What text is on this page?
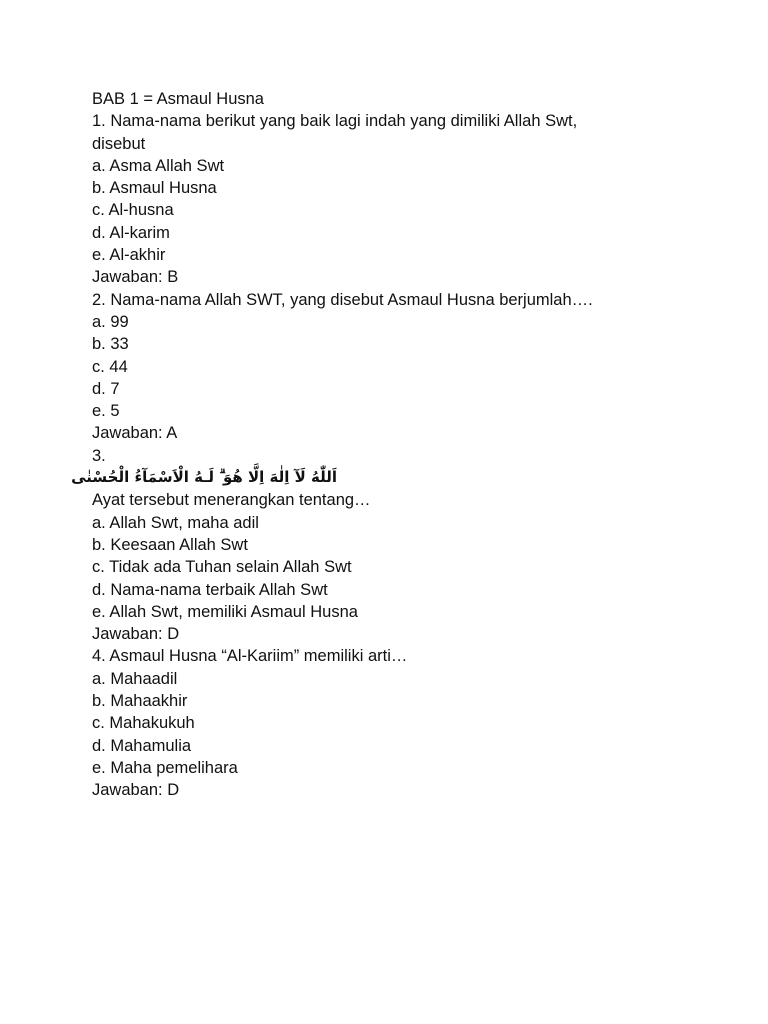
BAB 1 = Asmaul Husna
1. Nama-nama berikut yang baik lagi indah yang dimiliki Allah Swt,
disebut
a. Asma Allah Swt
b. Asmaul Husna
c. Al-husna
d. Al-karim
e. Al-akhir
Jawaban: B
2. Nama-nama Allah SWT, yang disebut Asmaul Husna berjumlah….
a. 99
b. 33
c. 44
d. 7
e. 5
Jawaban: A
3.
اَللّٰهُ لَآ اِلٰهَ اِلَّا هُوَ ۗ لَـهُ الْاَسْمَآءُ الْحُسْنٰى
Ayat tersebut menerangkan tentang…
a. Allah Swt, maha adil
b. Keesaan Allah Swt
c. Tidak ada Tuhan selain Allah Swt
d. Nama-nama terbaik Allah Swt
e. Allah Swt, memiliki Asmaul Husna
Jawaban: D
4. Asmaul Husna “Al-Kariim” memiliki arti…
a. Mahaadil
b. Mahaakhir
c. Mahakukuh
d. Mahamulia
e. Maha pemelihara
Jawaban: D
